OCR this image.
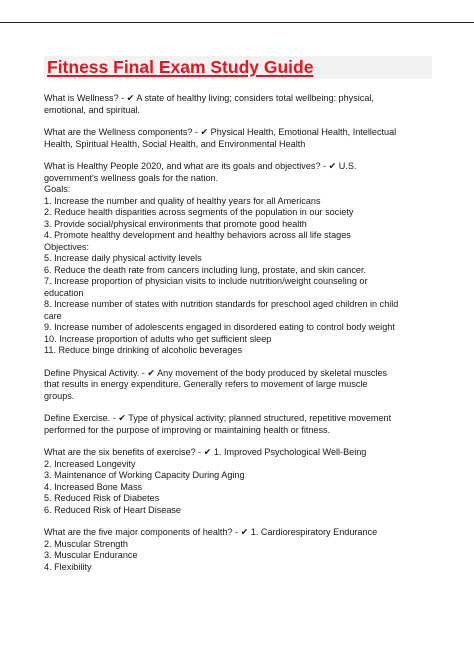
Fitness Final Exam Study Guide

What is Wellness? - ✔ A state of healthy living; considers total wellbeing: physical,
emotional, and spiritual.

What are the Wellness components? - ✔ Physical Health, Emotional Health, Intellectual
Health, Spiritual Health, Social Health, and Environmental Health

What is Healthy People 2020, and what are its goals and objectives? - ✔ U.S.
government's wellness goals for the nation.
Goals:
1. Increase the number and quality of healthy years for all Americans
2. Reduce health disparities across segments of the population in our society
3. Provide social/physical environments that promote good health
4. Promote healthy development and healthy behaviors across all life stages
Objectives:
5. Increase daily physical activity levels
6. Reduce the death rate from cancers including lung, prostate, and skin cancer.
7. Increase proportion of physician visits to include nutrition/weight counseling or
education
8. Increase number of states with nutrition standards for preschool aged children in child
care
9. Increase number of adolescents engaged in disordered eating to control body weight
10. Increase proportion of adults who get sufficient sleep
11. Reduce binge drinking of alcoholic beverages

Define Physical Activity. - ✔ Any movement of the body produced by skeletal muscles
that results in energy expenditure. Generally refers to movement of large muscle
groups.

Define Exercise. - ✔ Type of physical activity; planned structured, repetitive movement
performed for the purpose of improving or maintaining health or fitness.

What are the six benefits of exercise? - ✔ 1. Improved Psychological Well-Being
2. Increased Longevity
3. Maintenance of Working Capacity During Aging
4. Increased Bone Mass
5. Reduced Risk of Diabetes
6. Reduced Risk of Heart Disease

What are the five major components of health? - ✔ 1. Cardiorespiratory Endurance
2. Muscular Strength
3. Muscular Endurance
4. Flexibility
